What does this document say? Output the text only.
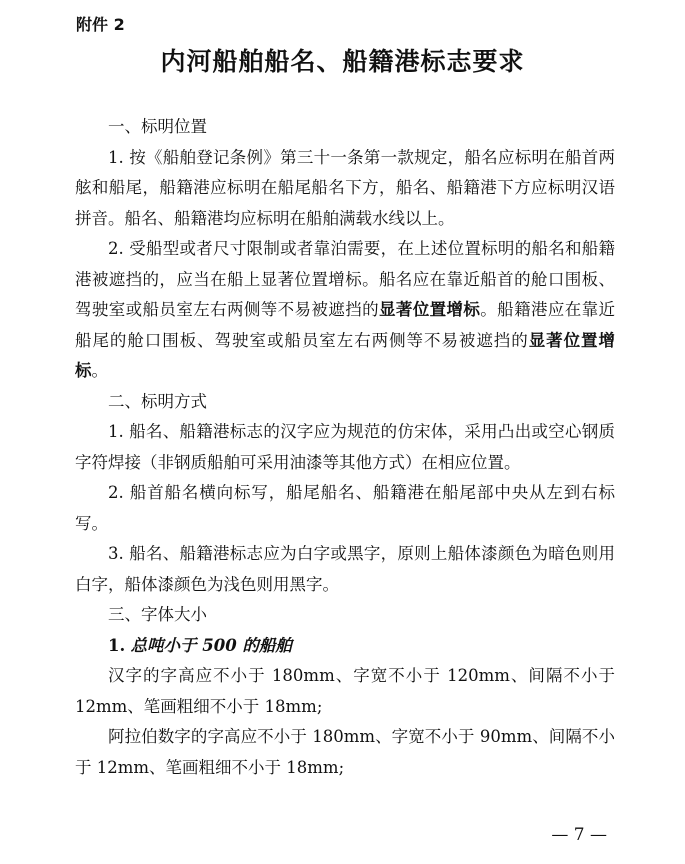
附件 2
内河船舶船名、船籍港标志要求

一、标明位置

1. 按《船舶登记条例》第三十一条第一款规定，船名应标明在船首两舷和船尾，船籍港应标明在船尾船名下方，船名、船籍港下方应标明汉语拼音。船名、船籍港均应标明在船舶满载水线以上。

2. 受船型或者尺寸限制或者靠泊需要，在上述位置标明的船名和船籍港被遮挡的，应当在船上显著位置增标。船名应在靠近船首的舱口围板、驾驶室或船员室左右两侧等不易被遮挡的显著位置增标。船籍港应在靠近船尾的舱口围板、驾驶室或船员室左右两侧等不易被遮挡的显著位置增标。

二、标明方式

1. 船名、船籍港标志的汉字应为规范的仿宋体，采用凸出或空心钢质字符焊接（非钢质船舶可采用油漆等其他方式）在相应位置。

2. 船首船名横向标写，船尾船名、船籍港在船尾部中央从左到右标写。

3. 船名、船籍港标志应为白字或黑字，原则上船体漆颜色为暗色则用白字，船体漆颜色为浅色则用黑字。

三、字体大小

1. 总吨小于 500 的船舶

汉字的字高应不小于 180mm、字宽不小于 120mm、间隔不小于 12mm、笔画粗细不小于 18mm;

阿拉伯数字的字高应不小于 180mm、字宽不小于 90mm、间隔不小于 12mm、笔画粗细不小于 18mm;

— 7 —
